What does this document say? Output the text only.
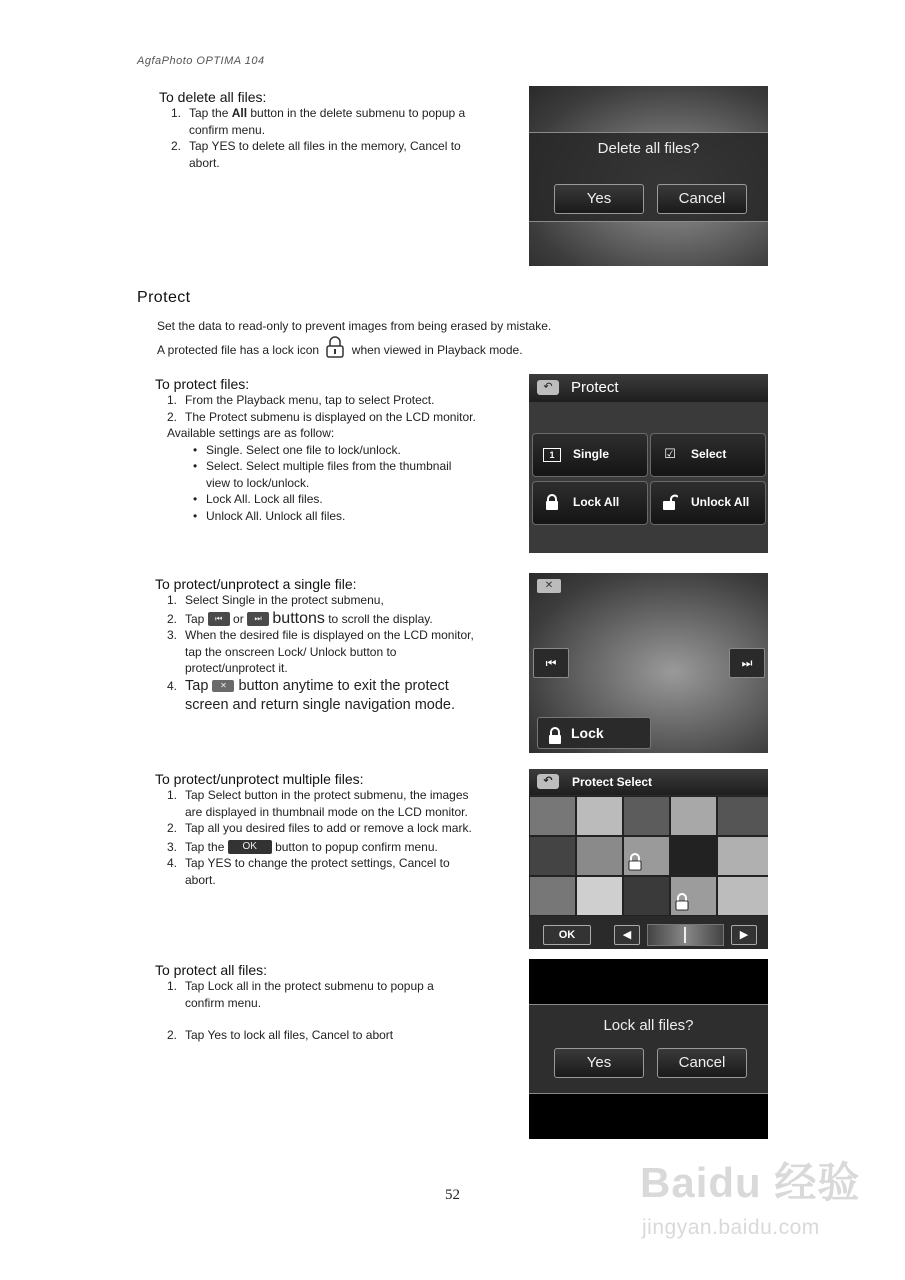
AgfaPhoto OPTIMA 104
To delete all files:
1. Tap the All button in the delete submenu to popup a
confirm menu.
2. Tap YES to delete all files in the memory, Cancel to
abort.
Delete all files?
Yes	Cancel
Protect
Set the data to read-only to prevent images from being erased by mistake.
A protected file has a lock icon	when viewed in Playback mode.
To protect files:
1. From the Playback menu, tap to select Protect.
2. The Protect submenu is displayed on the LCD monitor.
Available settings are as follow:
• Single. Select one file to lock/unlock.
• Select. Select multiple files from the thumbnail
view to lock/unlock.
• Lock All. Lock all files.
• Unlock All. Unlock all files.
↶	Protect
1	Single	☑ Select
Lock All	Unlock All
To protect/unprotect a single file:
1. Select Single in the protect submenu,
2. Tap ⏮ or ⏭ buttons to scroll the display.
3. When the desired file is displayed on the LCD monitor,
tap the onscreen Lock/ Unlock button to
protect/unprotect it.
4. Tap ✕ button anytime to exit the protect
screen and return single navigation mode.
✕
⏮	⏭
Lock
To protect/unprotect multiple files:
1. Tap Select button in the protect submenu, the images
are displayed in thumbnail mode on the LCD monitor.
2. Tap all you desired files to add or remove a lock mark.
3. Tap the OK button to popup confirm menu.
4. Tap YES to change the protect settings, Cancel to
abort.
↶	Protect Select
OK	◀	▶
To protect all files:
1. Tap Lock all in the protect submenu to popup a
confirm menu.
2. Tap Yes to lock all files, Cancel to abort
Lock all files?
Yes	Cancel
52	Baidu 经验
jingyan.baidu.com
